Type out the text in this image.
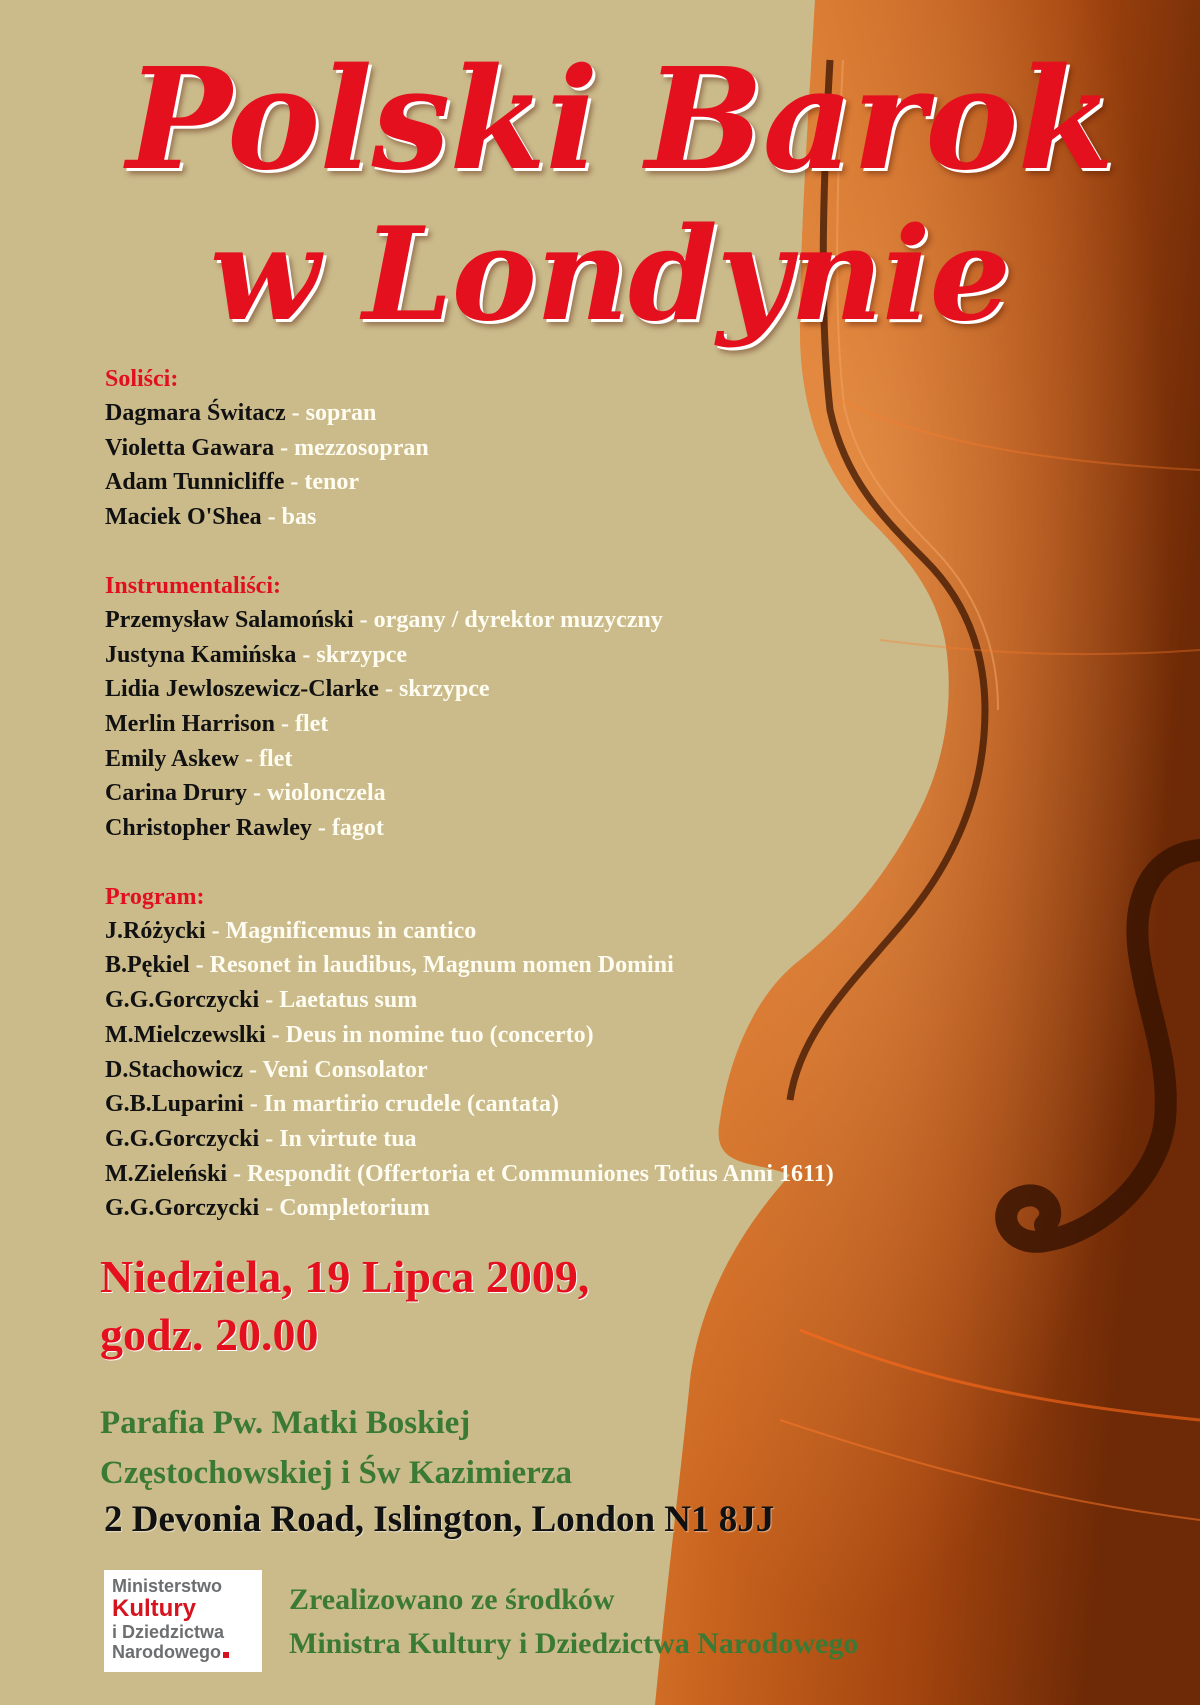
Polski Barok
w Londynie
Soliści:
Dagmara Świtacz - sopran
Violetta Gawara - mezzosopran
Adam Tunnicliffe - tenor
Maciek O'Shea - bas
Instrumentaliści:
Przemysław Salamoński - organy / dyrektor muzyczny
Justyna Kamińska - skrzypce
Lidia Jewloszewicz-Clarke - skrzypce
Merlin Harrison - flet
Emily Askew - flet
Carina Drury - wiolonczela
Christopher Rawley - fagot
Program:
J.Różycki - Magnificemus in cantico
B.Pękiel - Resonet in laudibus, Magnum nomen Domini
G.G.Gorczycki - Laetatus sum
M.Mielczewslki - Deus in nomine tuo (concerto)
D.Stachowicz - Veni Consolator
G.B.Luparini - In martirio crudele (cantata)
G.G.Gorczycki - In virtute tua
M.Zieleński - Respondit (Offertoria et Communiones Totius Anni 1611)
G.G.Gorczycki - Completorium
Niedziela, 19 Lipca 2009,
godz. 20.00
Parafia Pw. Matki Boskiej
Częstochowskiej i Św Kazimierza
2 Devonia Road, Islington, London N1 8JJ
Ministerstwo
Kultury
i Dziedzictwa
Narodowego
Zrealizowano ze środków
Ministra Kultury i Dziedzictwa Narodowego
